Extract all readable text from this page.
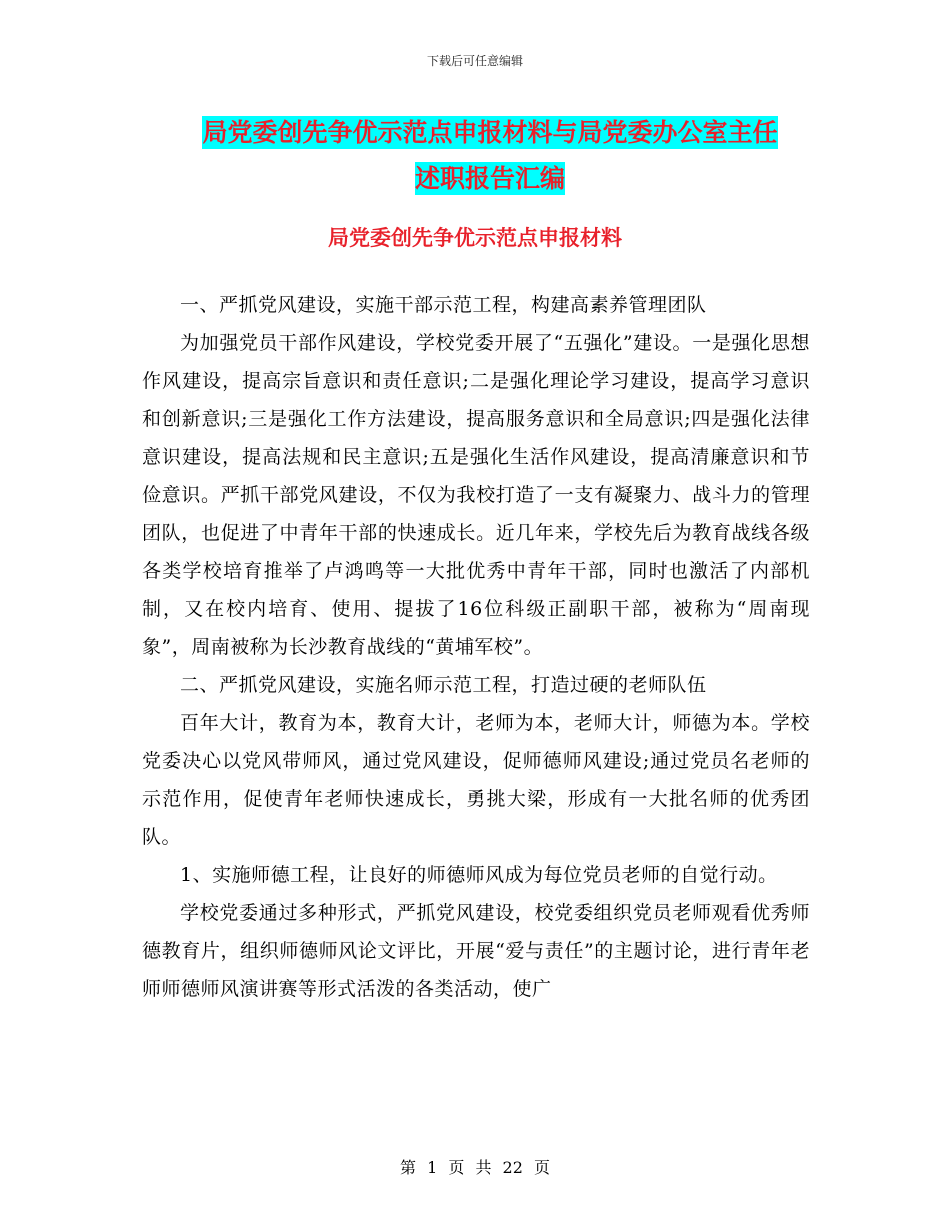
下载后可任意编辑
局党委创先争优示范点申报材料与局党委办公室主任
述职报告汇编
局党委创先争优示范点申报材料

一、严抓党风建设，实施干部示范工程，构建高素养管理团队

为加强党员干部作风建设，学校党委开展了“五强化”建设。一是强化思想作风建设，提高宗旨意识和责任意识;二是强化理论学习建设，提高学习意识和创新意识;三是强化工作方法建设，提高服务意识和全局意识;四是强化法律意识建设，提高法规和民主意识;五是强化生活作风建设，提高清廉意识和节俭意识。严抓干部党风建设，不仅为我校打造了一支有凝聚力、战斗力的管理团队，也促进了中青年干部的快速成长。近几年来，学校先后为教育战线各级各类学校培育推举了卢鸿鸣等一大批优秀中青年干部，同时也激活了内部机制，又在校内培育、使用、提拔了16位科级正副职干部，被称为“周南现象”，周南被称为长沙教育战线的“黄埔军校”。

二、严抓党风建设，实施名师示范工程，打造过硬的老师队伍

百年大计，教育为本，教育大计，老师为本，老师大计，师德为本。学校党委决心以党风带师风，通过党风建设，促师德师风建设;通过党员名老师的示范作用，促使青年老师快速成长，勇挑大梁，形成有一大批名师的优秀团队。

1、实施师德工程，让良好的师德师风成为每位党员老师的自觉行动。

学校党委通过多种形式，严抓党风建设，校党委组织党员老师观看优秀师德教育片，组织师德师风论文评比，开展“爱与责任”的主题讨论，进行青年老师师德师风演讲赛等形式活泼的各类活动，使广

第 1 页 共 22 页
